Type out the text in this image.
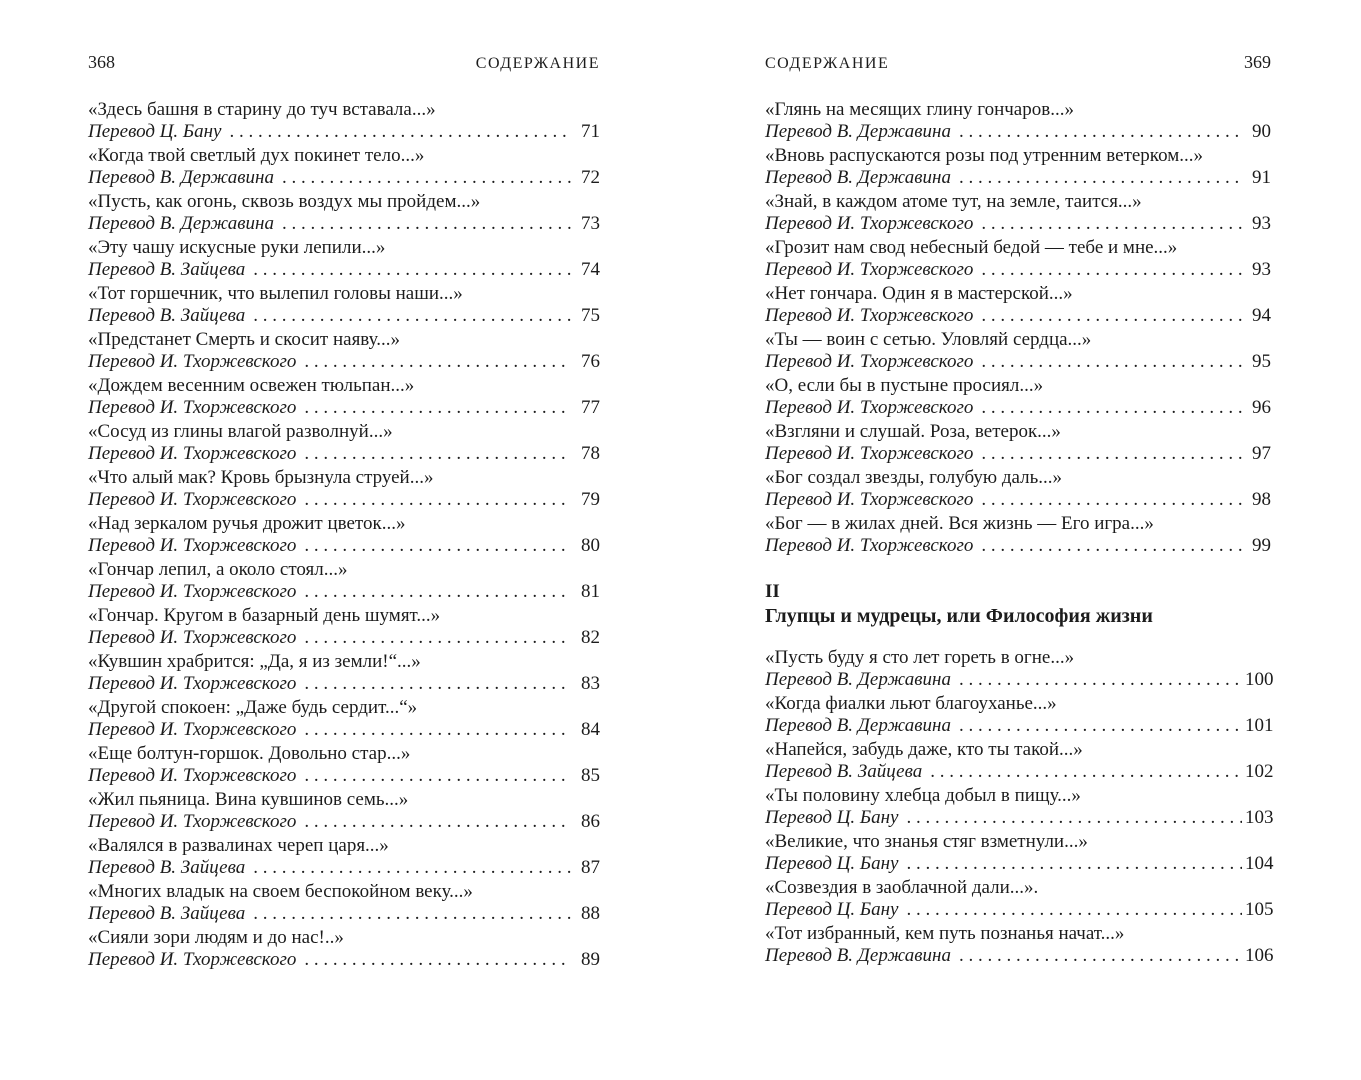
368	СОДЕРЖАНИЕ
«Здесь башня в старину до туч вставала...»
Перевод Ц. Бану . . .	71
«Когда твой светлый дух покинет тело...»
Перевод В. Державина . . .	72
«Пусть, как огонь, сквозь воздух мы пройдем...»
Перевод В. Державина . . .	73
«Эту чашу искусные руки лепили...»
Перевод В. Зайцева . . .	74
«Тот горшечник, что вылепил головы наши...»
Перевод В. Зайцева . . .	75
«Предстанет Смерть и скосит наяву...»
Перевод И. Тхоржевского . . .	76
«Дождем весенним освежен тюльпан...»
Перевод И. Тхоржевского . . .	77
«Сосуд из глины влагой разволнуй...»
Перевод И. Тхоржевского . . .	78
«Что алый мак? Кровь брызнула струей...»
Перевод И. Тхоржевского . . .	79
«Над зеркалом ручья дрожит цветок...»
Перевод И. Тхоржевского . . .	80
«Гончар лепил, а около стоял...»
Перевод И. Тхоржевского . . .	81
«Гончар. Кругом в базарный день шумят...»
Перевод И. Тхоржевского . . .	82
«Кувшин храбрится: „Да, я из земли!“...»
Перевод И. Тхоржевского . . .	83
«Другой спокоен: „Даже будь сердит...“»
Перевод И. Тхоржевского . . .	84
«Еще болтун-горшок. Довольно стар...»
Перевод И. Тхоржевского . . .	85
«Жил пьяница. Вина кувшинов семь...»
Перевод И. Тхоржевского . . .	86
«Валялся в развалинах череп царя...»
Перевод В. Зайцева . . .	87
«Многих владык на своем беспокойном веку...»
Перевод В. Зайцева . . .	88
«Сияли зори людям и до нас!..»
Перевод И. Тхоржевского . . .	89
СОДЕРЖАНИЕ	369
«Глянь на месящих глину гончаров...»
Перевод В. Державина . . .	90
«Вновь распускаются розы под утренним ветерком...»
Перевод В. Державина . . .	91
«Знай, в каждом атоме тут, на земле, таится...»
Перевод И. Тхоржевского . . .	93
«Грозит нам свод небесный бедой — тебе и мне...»
Перевод И. Тхоржевского . . .	93
«Нет гончара. Один я в мастерской...»
Перевод И. Тхоржевского . . .	94
«Ты — воин с сетью. Уловляй сердца...»
Перевод И. Тхоржевского . . .	95
«О, если бы в пустыне просиял...»
Перевод И. Тхоржевского . . .	96
«Взгляни и слушай. Роза, ветерок...»
Перевод И. Тхоржевского . . .	97
«Бог создал звезды, голубую даль...»
Перевод И. Тхоржевского . . .	98
«Бог — в жилах дней. Вся жизнь — Его игра...»
Перевод И. Тхоржевского . . .	99
II
Глупцы и мудрецы, или Философия жизни
«Пусть буду я сто лет гореть в огне...»
Перевод В. Державина . . .	100
«Когда фиалки льют благоуханье...»
Перевод В. Державина . . .	101
«Напейся, забудь даже, кто ты такой...»
Перевод В. Зайцева . . .	102
«Ты половину хлебца добыл в пищу...»
Перевод Ц. Бану . . .	103
«Великие, что знанья стяг взметнули...»
Перевод Ц. Бану . . .	104
«Созвездия в заоблачной дали...».
Перевод Ц. Бану . . .	105
«Тот избранный, кем путь познанья начат...»
Перевод В. Державина . . .	106
